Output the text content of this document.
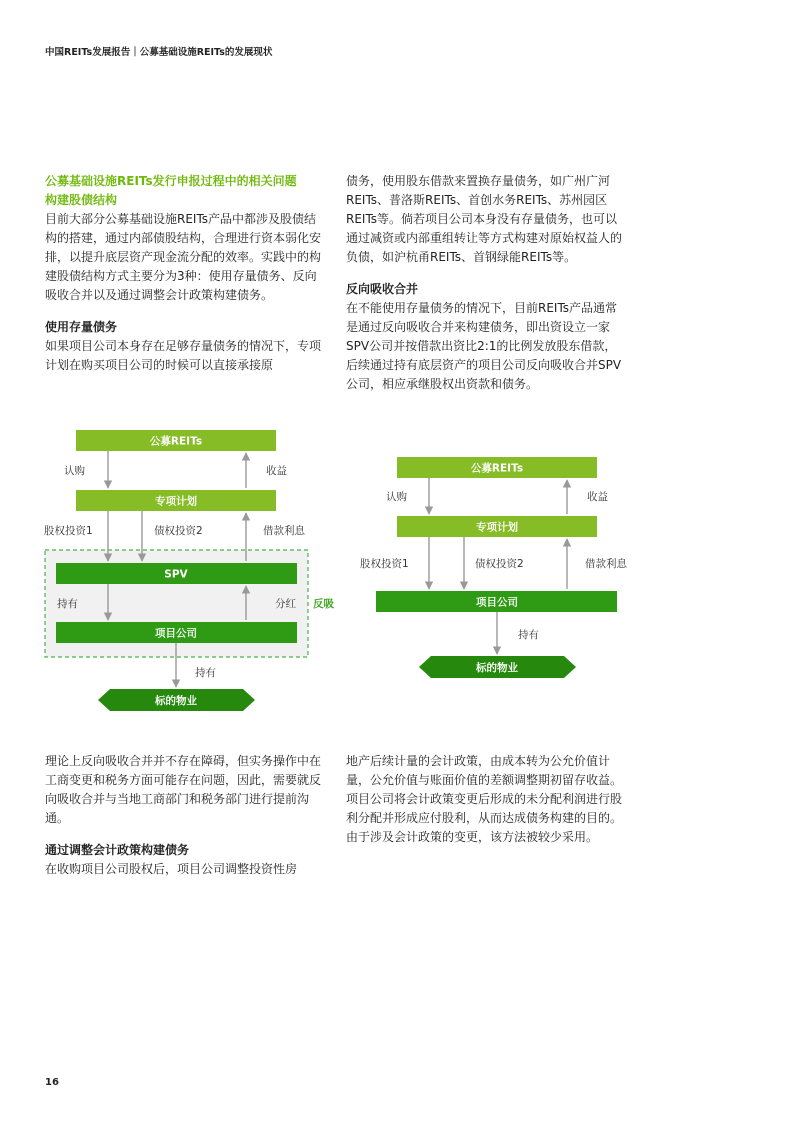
中国REITs发展报告｜公募基础设施REITs的发展现状

公募基础设施REITs发行申报过程中的相关问题

构建股债结构

目前大部分公募基础设施REITs产品中都涉及股债结构的搭建，通过内部债股结构，合理进行资本弱化安排，以提升底层资产现金流分配的效率。实践中的构建股债结构方式主要分为3种：使用存量债务、反向吸收合并以及通过调整会计政策构建债务。

使用存量债务

如果项目公司本身存在足够存量债务的情况下，专项计划在购买项目公司的时候可以直接承接原

债务，使用股东借款来置换存量债务，如广州广河REITs、普洛斯REITs、首创水务REITs、苏州园区REITs等。倘若项目公司本身没有存量债务，也可以通过减资或内部重组转让等方式构建对原始权益人的负债，如沪杭甬REITs、首钢绿能REITs等。

反向吸收合并

在不能使用存量债务的情况下，目前REITs产品通常是通过反向吸收合并来构建债务，即出资设立一家SPV公司并按借款出资比2:1的比例发放股东借款，后续通过持有底层资产的项目公司反向吸收合并SPV公司，相应承继股权出资款和债务。

公募REITs
专项计划
SPV
项目公司
标的物业
认购	收益
股权投资1	债权投资2	借款利息
持有	分红 反吸
持有
公募REITs
专项计划
项目公司
标的物业
认购	收益
股权投资1	债权投资2	借款利息
持有

理论上反向吸收合并并不存在障碍，但实务操作中在工商变更和税务方面可能存在问题，因此，需要就反向吸收合并与当地工商部门和税务部门进行提前沟通。

通过调整会计政策构建债务

在收购项目公司股权后，项目公司调整投资性房

地产后续计量的会计政策，由成本转为公允价值计量，公允价值与账面价值的差额调整期初留存收益。项目公司将会计政策变更后形成的未分配利润进行股利分配并形成应付股利，从而达成债务构建的目的。由于涉及会计政策的变更，该方法被较少采用。

16
